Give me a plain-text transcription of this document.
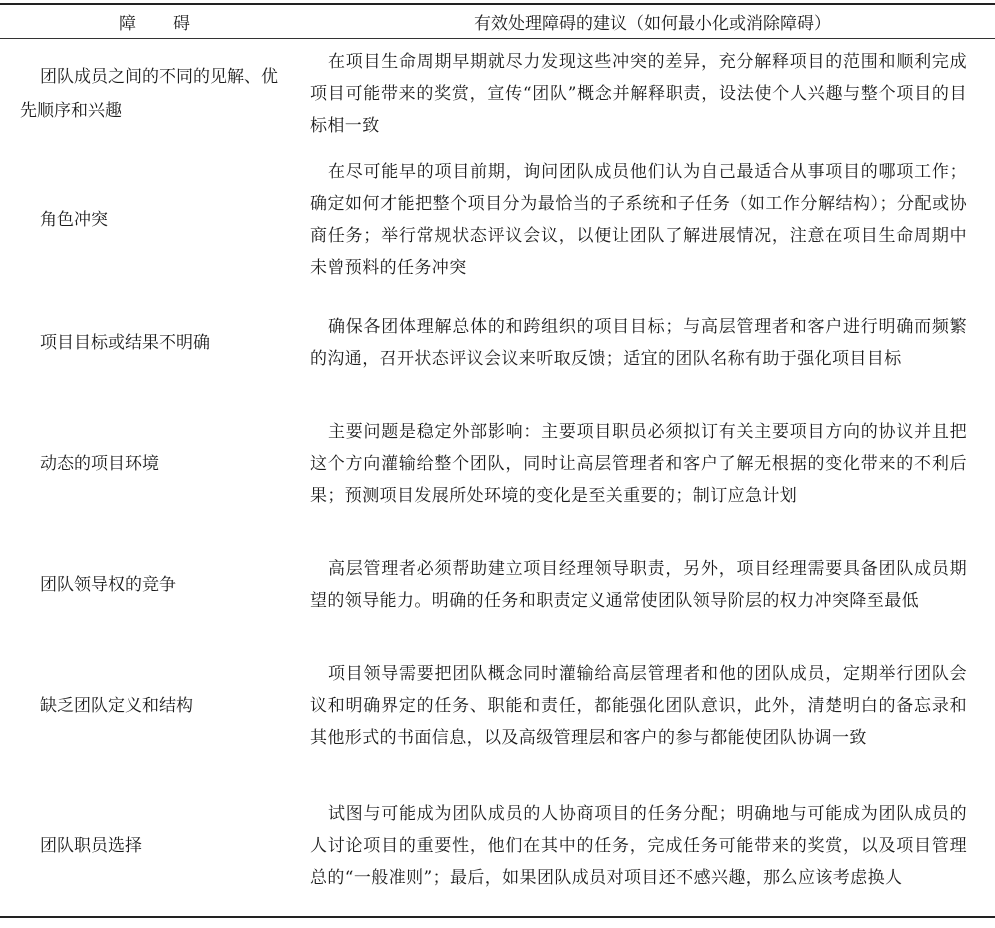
障　　碍	有效处理障碍的建议（如何最小化或消除障碍）
团队成员之间的不同的见解、优先顺序和兴趣
在项目生命周期早期就尽力发现这些冲突的差异，充分解释项目的范围和顺利完成项目可能带来的奖赏，宣传“团队”概念并解释职责，设法使个人兴趣与整个项目的目标相一致
角色冲突
在尽可能早的项目前期，询问团队成员他们认为自己最适合从事项目的哪项工作；确定如何才能把整个项目分为最恰当的子系统和子任务（如工作分解结构）；分配或协商任务；举行常规状态评议会议，以便让团队了解进展情况，注意在项目生命周期中未曾预料的任务冲突
项目目标或结果不明确
确保各团体理解总体的和跨组织的项目目标；与高层管理者和客户进行明确而频繁的沟通，召开状态评议会议来听取反馈；适宜的团队名称有助于强化项目目标
动态的项目环境
主要问题是稳定外部影响：主要项目职员必须拟订有关主要项目方向的协议并且把这个方向灌输给整个团队，同时让高层管理者和客户了解无根据的变化带来的不利后果；预测项目发展所处环境的变化是至关重要的；制订应急计划
团队领导权的竞争
高层管理者必须帮助建立项目经理领导职责，另外，项目经理需要具备团队成员期望的领导能力。明确的任务和职责定义通常使团队领导阶层的权力冲突降至最低
缺乏团队定义和结构
项目领导需要把团队概念同时灌输给高层管理者和他的团队成员，定期举行团队会议和明确界定的任务、职能和责任，都能强化团队意识，此外，清楚明白的备忘录和其他形式的书面信息，以及高级管理层和客户的参与都能使团队协调一致
团队职员选择
试图与可能成为团队成员的人协商项目的任务分配；明确地与可能成为团队成员的人讨论项目的重要性，他们在其中的任务，完成任务可能带来的奖赏，以及项目管理总的“一般准则”；最后，如果团队成员对项目还不感兴趣，那么应该考虑换人
